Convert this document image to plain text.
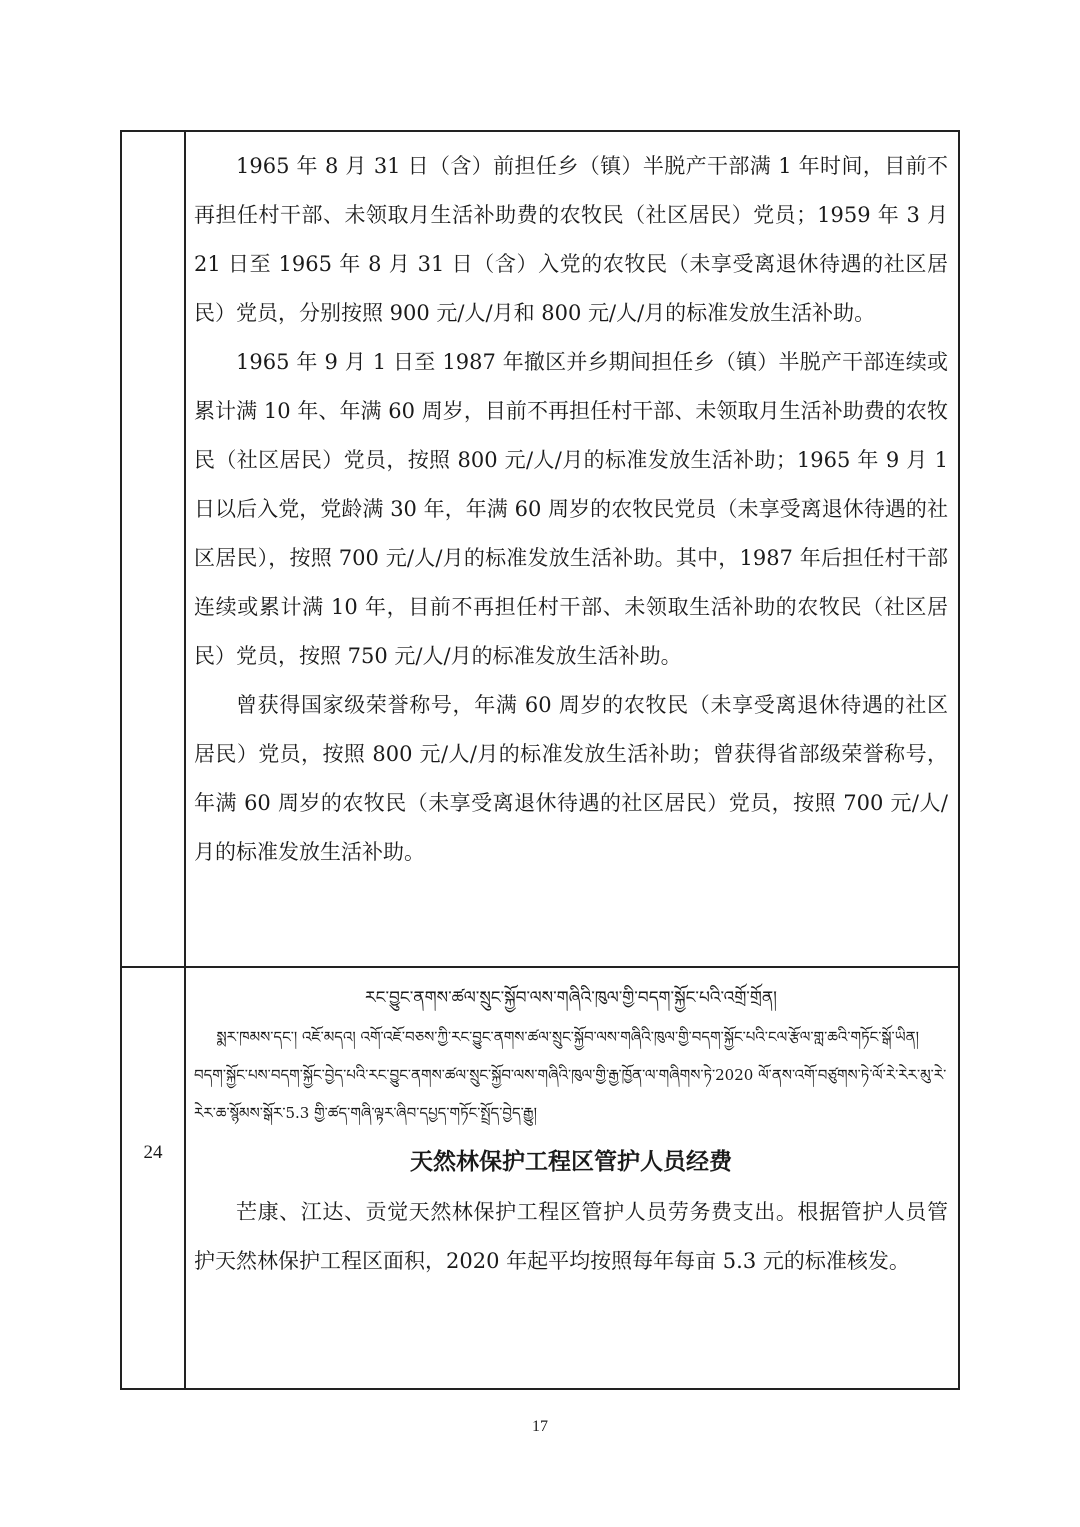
1965 年 8 月 31 日（含）前担任乡（镇）半脱产干部满 1 年时间，目前不再担任村干部、未领取月生活补助费的农牧民（社区居民）党员；1959 年 3 月 21 日至 1965 年 8 月 31 日（含）入党的农牧民（未享受离退休待遇的社区居民）党员，分别按照 900 元/人/月和 800 元/人/月的标准发放生活补助。

1965 年 9 月 1 日至 1987 年撤区并乡期间担任乡（镇）半脱产干部连续或累计满 10 年、年满 60 周岁，目前不再担任村干部、未领取月生活补助费的农牧民（社区居民）党员，按照 800 元/人/月的标准发放生活补助；1965 年 9 月 1 日以后入党，党龄满 30 年，年满 60 周岁的农牧民党员（未享受离退休待遇的社区居民），按照 700 元/人/月的标准发放生活补助。其中，1987 年后担任村干部连续或累计满 10 年，目前不再担任村干部、未领取生活补助的农牧民（社区居民）党员，按照 750 元/人/月的标准发放生活补助。

曾获得国家级荣誉称号，年满 60 周岁的农牧民（未享受离退休待遇的社区居民）党员，按照 800 元/人/月的标准发放生活补助；曾获得省部级荣誉称号，年满 60 周岁的农牧民（未享受离退休待遇的社区居民）党员，按照 700 元/人/月的标准发放生活补助。

24

རང་བྱུང་ནགས་ཚལ་སྲུང་སྐྱོབ་ལས་གཞིའི་ཁུལ་གྱི་བདག་སྐྱོང་པའི་འགྲོ་གྲོན།

སྨར་ཁམས་དང་། འཇོ་མདའ། འགོ་འཇོ་བཅས་ཀྱི་རང་བྱུང་ནགས་ཚལ་སྲུང་སྐྱོབ་ལས་གཞིའི་ཁུལ་གྱི་བདག་སྐྱོང་པའི་ངལ་རྩོལ་གླ་ཆའི་གཏོང་སྒོ་ཡིན། བདག་སྐྱོང་པས་བདག་སྐྱོང་བྱེད་པའི་རང་བྱུང་ནགས་ཚལ་སྲུང་སྐྱོབ་ལས་གཞིའི་ཁུལ་གྱི་རྒྱ་ཁྱོན་ལ་གཞིགས་ཏེ་2020 ལོ་ནས་འགོ་བཙུགས་ཏེ་ལོ་རེ་རེར་མུ་རེ་རེར་ཆ་སྙོམས་སྒོར་5.3 གྱི་ཚད་གཞི་ལྟར་ཞིབ་དཔྱད་གཏོང་སྤྲོད་བྱེད་རྒྱུ།

天然林保护工程区管护人员经费

芒康、江达、贡觉天然林保护工程区管护人员劳务费支出。根据管护人员管护天然林保护工程区面积，2020 年起平均按照每年每亩 5.3 元的标准核发。

17
